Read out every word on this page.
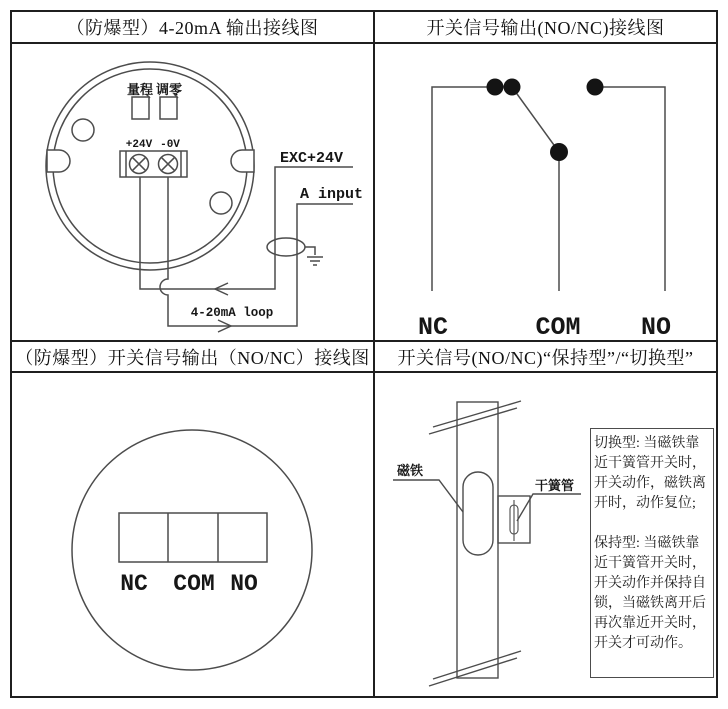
（防爆型）4-20mA 输出接线图	开关信号输出(NO/NC)接线图
量程 调零
+24V -0V
EXC+24V
A input
4-20mA loop	NC	COM NO
（防爆型）开关信号输出（NO/NC）接线图	开关信号(NO/NC)“保持型”/“切换型”
NC COM NO
磁铁
干簧管

切换型: 当磁铁靠近干簧管开关时，开关动作，磁铁离开时，动作复位;

保持型: 当磁铁靠近干簧管开关时，开关动作并保持自锁，当磁铁离开后再次靠近开关时，开关才可动作。
